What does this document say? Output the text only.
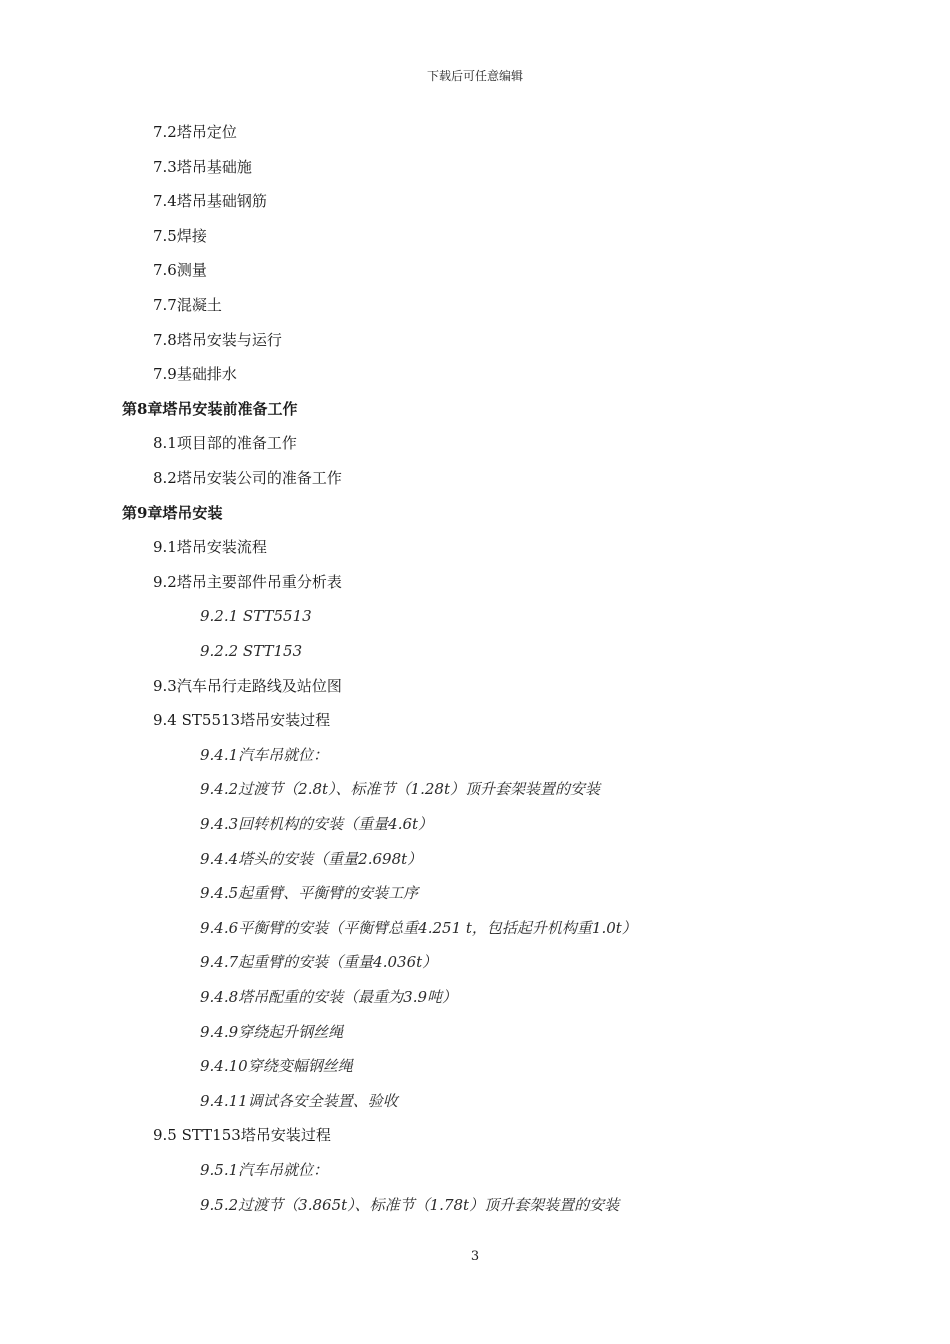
下载后可任意编辑
7.2塔吊定位
7.3塔吊基础施
7.4塔吊基础钢筋
7.5焊接
7.6测量
7.7混凝土
7.8塔吊安装与运行
7.9基础排水
第8章塔吊安装前准备工作
8.1项目部的准备工作
8.2塔吊安装公司的准备工作
第9章塔吊安装
9.1塔吊安装流程
9.2塔吊主要部件吊重分析表
9.2.1 STT5513
9.2.2 STT153
9.3汽车吊行走路线及站位图
9.4 ST5513塔吊安装过程
9.4.1汽车吊就位：
9.4.2过渡节（2.8t）、标准节（1.28t）顶升套架装置的安装
9.4.3回转机构的安装（重量4.6t）
9.4.4塔头的安装（重量2.698t）
9.4.5起重臂、平衡臂的安装工序
9.4.6平衡臂的安装（平衡臂总重4.251 t，包括起升机构重1.0t）
9.4.7起重臂的安装（重量4.036t）
9.4.8塔吊配重的安装（最重为3.9吨）
9.4.9穿绕起升钢丝绳
9.4.10穿绕变幅钢丝绳
9.4.11调试各安全装置、验收
9.5 STT153塔吊安装过程
9.5.1汽车吊就位：
9.5.2过渡节（3.865t）、标准节（1.78t）顶升套架装置的安装
3
